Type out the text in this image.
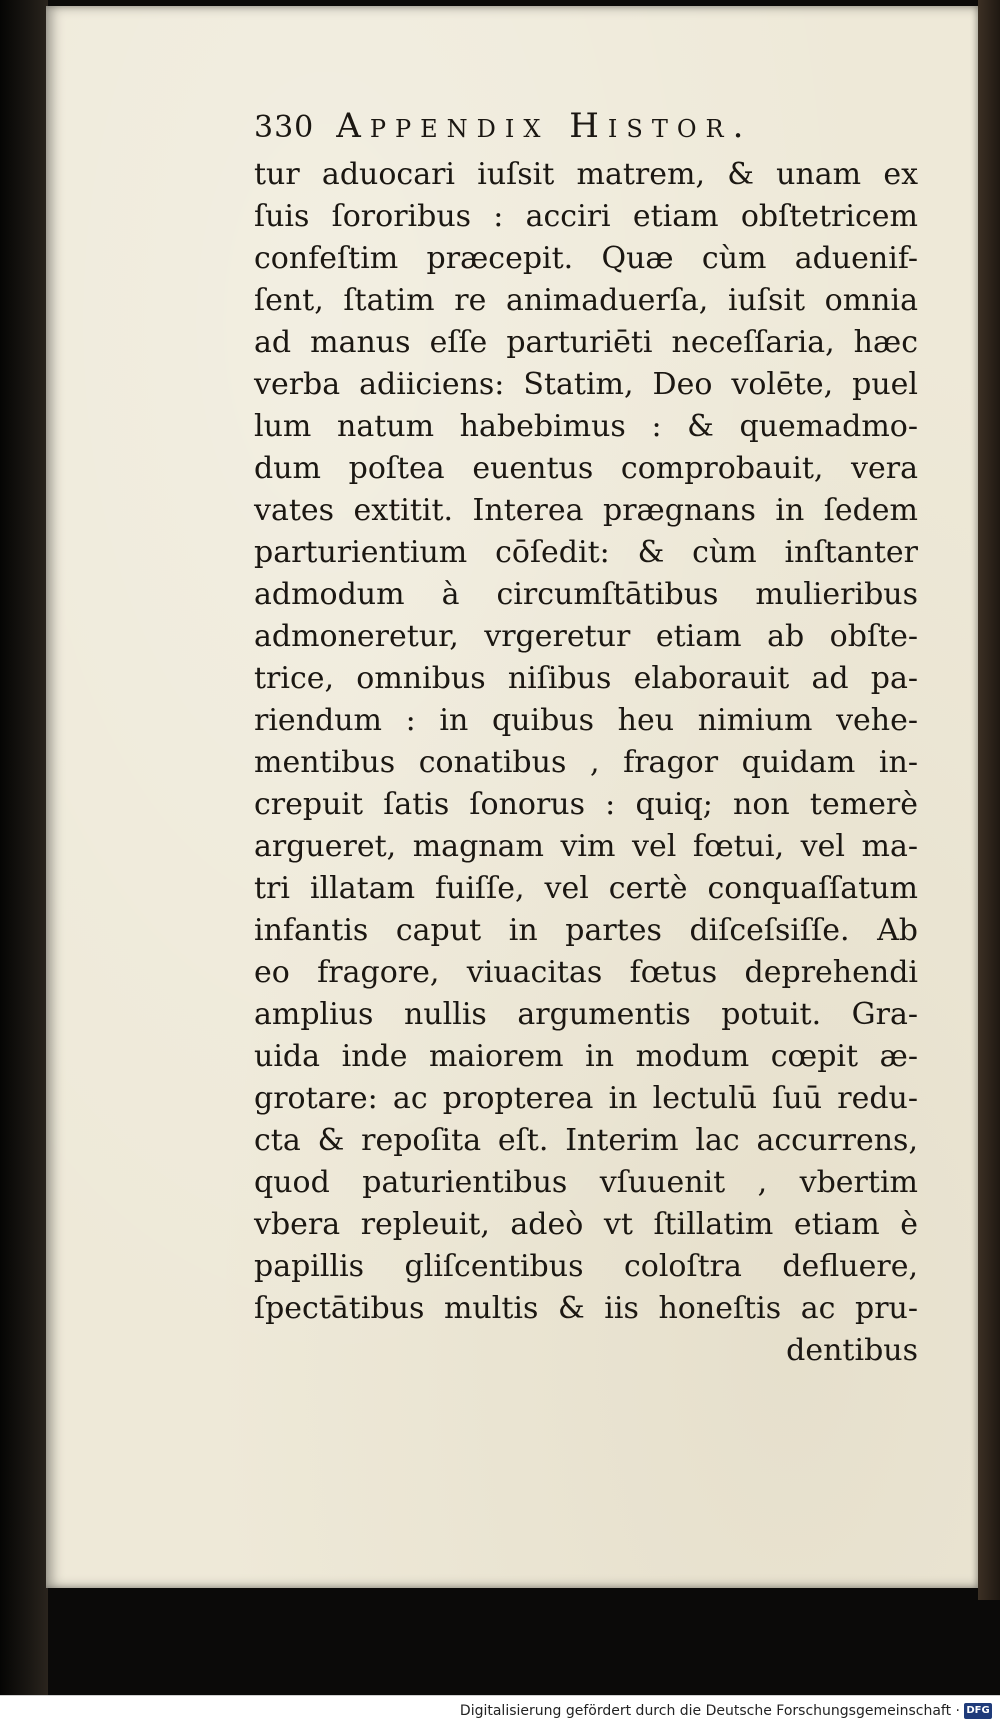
330 Appendix Histor.
tur aduocari iuſsit matrem, & unam ex
ſuis ſororibus : acciri etiam obſtetricem
confeſtim præcepit. Quæ cùm aduenif-
ſent, ſtatim re animaduerſa, iuſsit omnia
ad manus eſſe parturiēti neceſſaria, hæc
verba adiiciens: Statim, Deo volēte, puel
lum natum habebimus : & quemadmo-
dum poſtea euentus comprobauit, vera
vates extitit. Interea prægnans in ſedem
parturientium cōſedit: & cùm inſtanter
admodum à circumſtātibus mulieribus
admoneretur, vrgeretur etiam ab obſte-
trice, omnibus niſibus elaborauit ad pa-
riendum : in quibus heu nimium vehe-
mentibus conatibus , fragor quidam in-
crepuit ſatis ſonorus : quiq; non temerè
argueret, magnam vim vel fœtui, vel ma-
tri illatam fuiſſe, vel certè conquaſſatum
infantis caput in partes diſceſsiſſe. Ab
eo fragore, viuacitas fœtus deprehendi
amplius nullis argumentis potuit. Gra-
uida inde maiorem in modum cœpit æ-
grotare: ac propterea in lectulū ſuū redu-
cta & repoſita eſt. Interim lac accurrens,
quod paturientibus vſuuenit , vbertim
vbera repleuit, adeò vt ſtillatim etiam è
papillis gliſcentibus coloſtra defluere,
ſpectātibus multis & iis honeſtis ac pru-
dentibus
Digitalisierung gefördert durch die Deutsche Forschungsgemeinschaft · DFG
